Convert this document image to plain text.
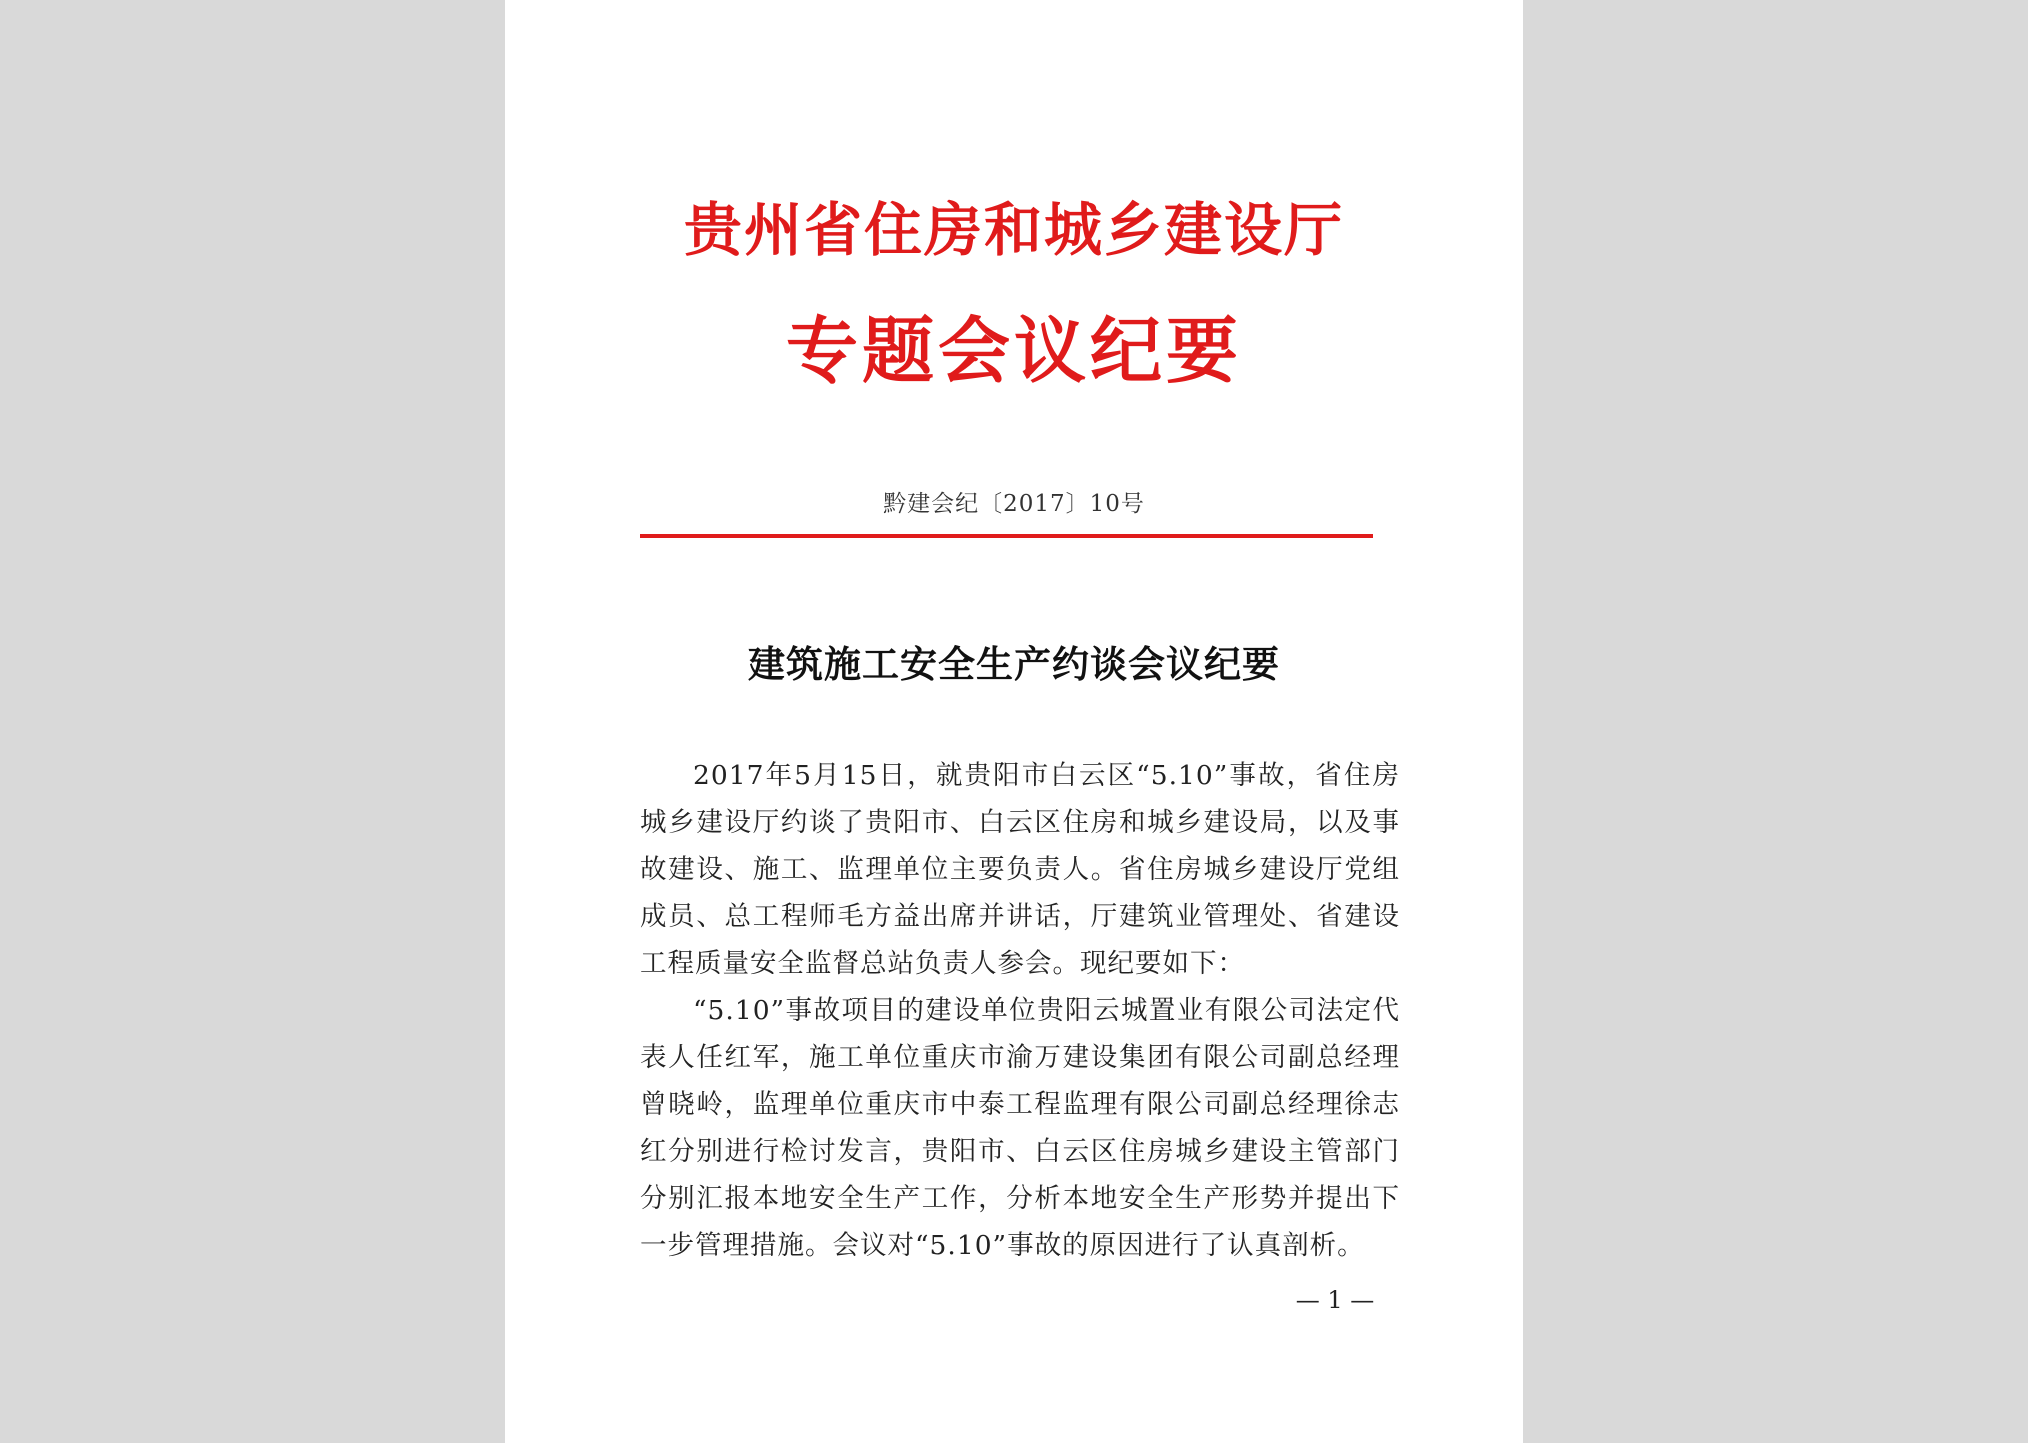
贵州省住房和城乡建设厅
专题会议纪要
黔建会纪〔2017〕10号
建筑施工安全生产约谈会议纪要

2017年5月15日，就贵阳市白云区“5.10”事故，省住房城乡建设厅约谈了贵阳市、白云区住房和城乡建设局，以及事故建设、施工、监理单位主要负责人。省住房城乡建设厅党组成员、总工程师毛方益出席并讲话，厅建筑业管理处、省建设工程质量安全监督总站负责人参会。现纪要如下：

“5.10”事故项目的建设单位贵阳云城置业有限公司法定代表人任红军，施工单位重庆市渝万建设集团有限公司副总经理曾晓岭，监理单位重庆市中泰工程监理有限公司副总经理徐志红分别进行检讨发言，贵阳市、白云区住房城乡建设主管部门分别汇报本地安全生产工作，分析本地安全生产形势并提出下一步管理措施。会议对“5.10”事故的原因进行了认真剖析。

— 1 —
